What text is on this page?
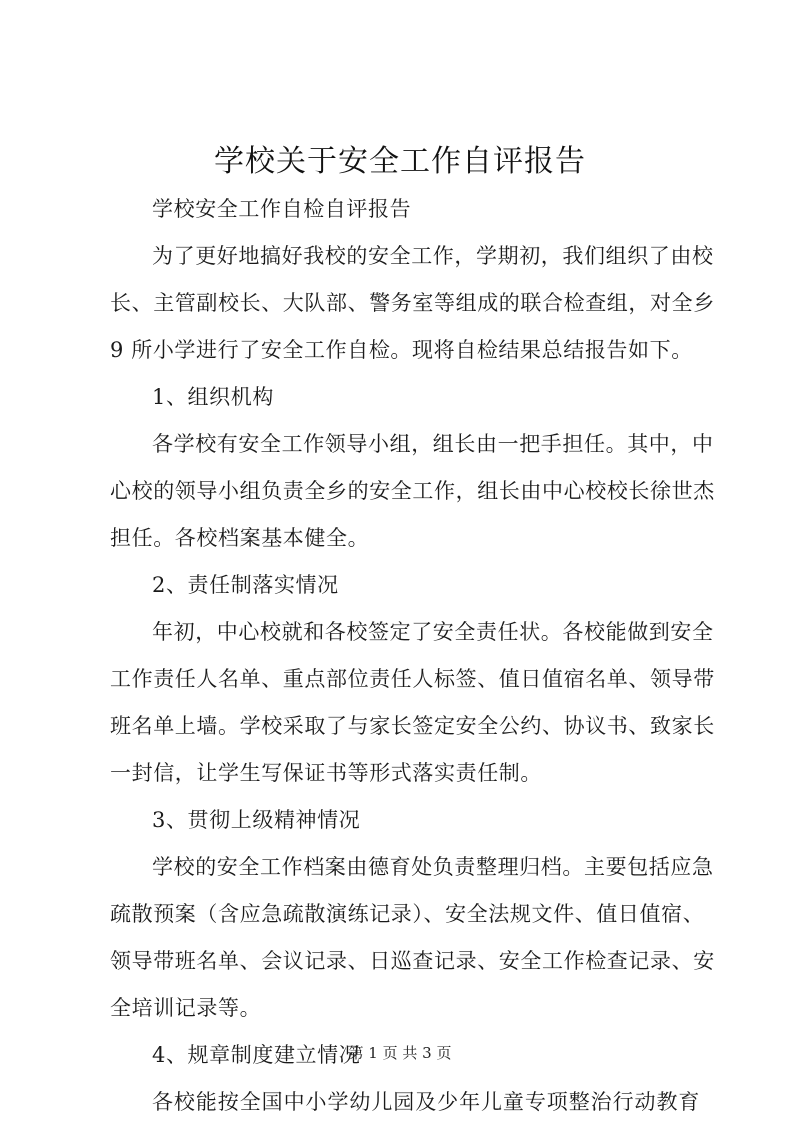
学校关于安全工作自评报告
学校安全工作自检自评报告
为了更好地搞好我校的安全工作，学期初，我们组织了由校
长、主管副校长、大队部、警务室等组成的联合检查组，对全乡
9 所小学进行了安全工作自检。现将自检结果总结报告如下。
1、组织机构
各学校有安全工作领导小组，组长由一把手担任。其中，中
心校的领导小组负责全乡的安全工作，组长由中心校校长徐世杰
担任。各校档案基本健全。
2、责任制落实情况
年初，中心校就和各校签定了安全责任状。各校能做到安全
工作责任人名单、重点部位责任人标签、值日值宿名单、领导带
班名单上墙。学校采取了与家长签定安全公约、协议书、致家长
一封信，让学生写保证书等形式落实责任制。
3、贯彻上级精神情况
学校的安全工作档案由德育处负责整理归档。主要包括应急
疏散预案（含应急疏散演练记录）、安全法规文件、值日值宿、
领导带班名单、会议记录、日巡查记录、安全工作检查记录、安
全培训记录等。
4、规章制度建立情况
各校能按全国中小学幼儿园及少年儿童专项整治行动教育
第 1 页 共 3 页
